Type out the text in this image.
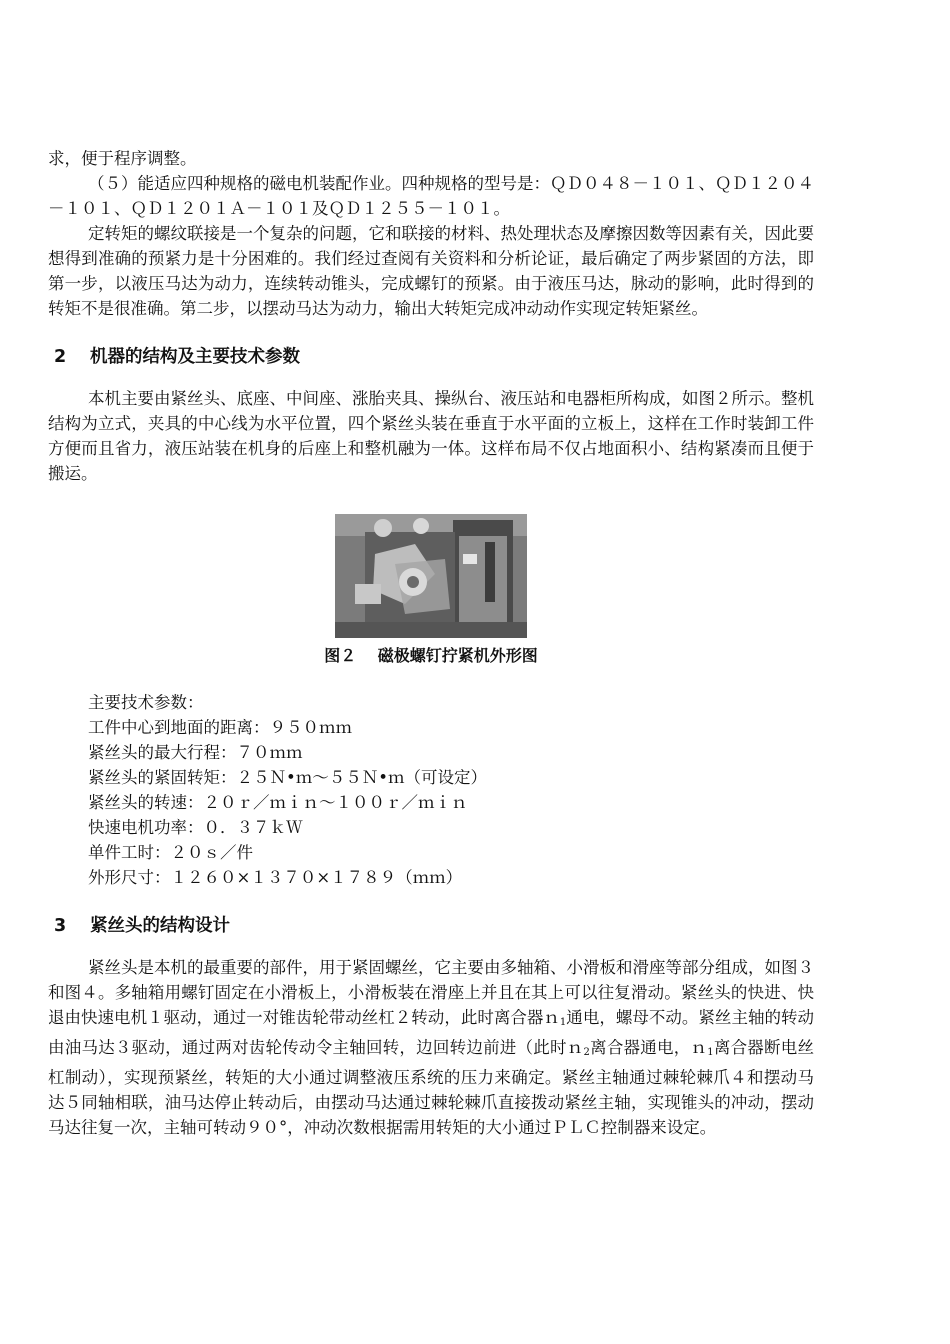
求，便于程序调整。

（５）能适应四种规格的磁电机装配作业。四种规格的型号是：ＱＤ０４８－１０１、ＱＤ１２０４－１０１、ＱＤ１２０１Ａ－１０１及ＱＤ１２５５－１０１。

定转矩的螺纹联接是一个复杂的问题，它和联接的材料、热处理状态及摩擦因数等因素有关，因此要想得到准确的预紧力是十分困难的。我们经过查阅有关资料和分析论证，最后确定了两步紧固的方法，即第一步，以液压马达为动力，连续转动锥头，完成螺钉的预紧。由于液压马达，脉动的影响，此时得到的转矩不是很准确。第二步，以摆动马达为动力，输出大转矩完成冲动动作实现定转矩紧丝。

2 机器的结构及主要技术参数

本机主要由紧丝头、底座、中间座、涨胎夹具、操纵台、液压站和电器柜所构成，如图２所示。整机结构为立式，夹具的中心线为水平位置，四个紧丝头装在垂直于水平面的立板上，这样在工作时装卸工件方便而且省力，液压站装在机身的后座上和整机融为一体。这样布局不仅占地面积小、结构紧凑而且便于搬运。

图２　 磁极螺钉拧紧机外形图

主要技术参数：

工件中心到地面的距离：９５０ｍｍ

紧丝头的最大行程：７０ｍｍ

紧丝头的紧固转矩：２５Ｎ•ｍ～５５Ｎ•ｍ（可设定）

紧丝头的转速：２０ｒ／ｍｉｎ～１００ｒ／ｍｉｎ

快速电机功率：０．３７ｋＷ

单件工时：２０ｓ／件

外形尺寸：１２６０×１３７０×１７８９（ｍｍ）

3 紧丝头的结构设计

紧丝头是本机的最重要的部件，用于紧固螺丝，它主要由多轴箱、小滑板和滑座等部分组成，如图３和图４。多轴箱用螺钉固定在小滑板上，小滑板装在滑座上并且在其上可以往复滑动。紧丝头的快进、快退由快速电机１驱动，通过一对锥齿轮带动丝杠２转动，此时离合器ｎ$_1$通电，螺母不动。紧丝主轴的转动由油马达３驱动，通过两对齿轮传动令主轴回转，边回转边前进（此时ｎ$_2$离合器通电，ｎ$_1$离合器断电丝杠制动），实现预紧丝，转矩的大小通过调整液压系统的压力来确定。紧丝主轴通过棘轮棘爪４和摆动马达５同轴相联，油马达停止转动后，由摆动马达通过棘轮棘爪直接拨动紧丝主轴，实现锥头的冲动，摆动马达往复一次，主轴可转动９０°，冲动次数根据需用转矩的大小通过ＰＬＣ控制器来设定。
